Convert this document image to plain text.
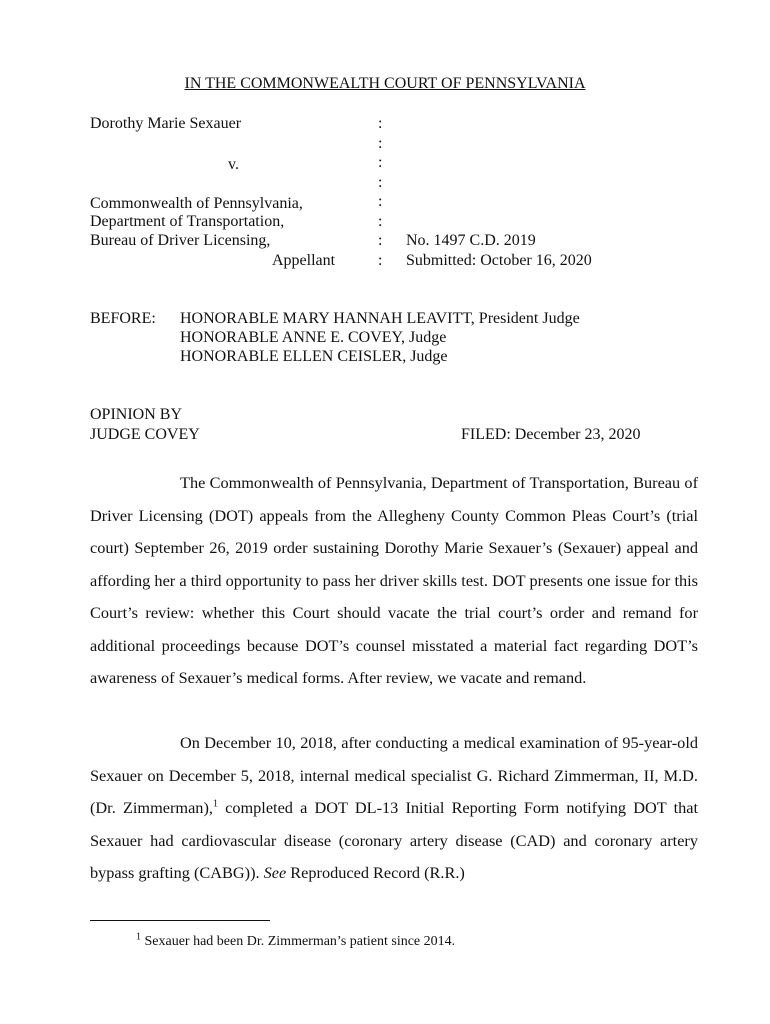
IN THE COMMONWEALTH COURT OF PENNSYLVANIA
Dorothy Marie Sexauer
v.
Commonwealth of Pennsylvania,
Department of Transportation,
Bureau of Driver Licensing,
Appellant
:
:
:
:
:
:
:
:
No. 1497 C.D. 2019
Submitted: October 16, 2020
BEFORE: HONORABLE MARY HANNAH LEAVITT, President Judge
HONORABLE ANNE E. COVEY, Judge
HONORABLE ELLEN CEISLER, Judge
OPINION BY
JUDGE COVEY	FILED: December 23, 2020
The Commonwealth of Pennsylvania, Department of Transportation, Bureau of Driver Licensing (DOT) appeals from the Allegheny County Common Pleas Court’s (trial court) September 26, 2019 order sustaining Dorothy Marie Sexauer’s (Sexauer) appeal and affording her a third opportunity to pass her driver skills test. DOT presents one issue for this Court’s review: whether this Court should vacate the trial court’s order and remand for additional proceedings because DOT’s counsel misstated a material fact regarding DOT’s awareness of Sexauer’s medical forms. After review, we vacate and remand.
On December 10, 2018, after conducting a medical examination of 95-year-old Sexauer on December 5, 2018, internal medical specialist G. Richard Zimmerman, II, M.D. (Dr. Zimmerman),$^1$ completed a DOT DL-13 Initial Reporting Form notifying DOT that Sexauer had cardiovascular disease (coronary artery disease (CAD) and coronary artery bypass grafting (CABG)). See Reproduced Record (R.R.)
$^1$ Sexauer had been Dr. Zimmerman’s patient since 2014.
